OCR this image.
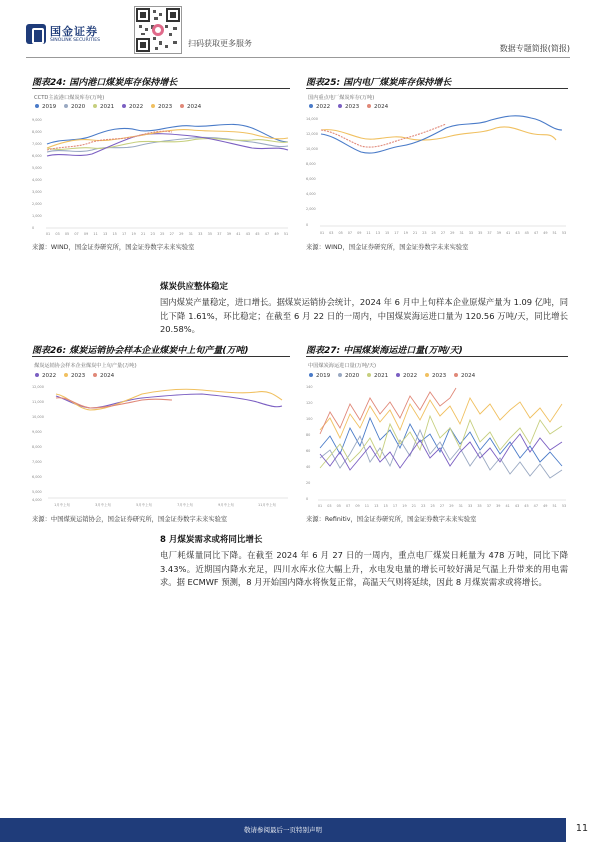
国金证券
SINOLINK SECURITIES	扫码获取更多服务
数据专题简报(简报)
图表24: 国内港口煤炭库存保持增长
CCTD主流港口煤炭库存(万吨)
2019	2020	2021	2022	2023	2024
9,000
8,000
7,000
6,000
5,000
4,000
3,000
2,000
1,000
0
01 03 05 07 09 11 13 15 17 19 21 23 25 27 29 31 33 35 37 39 41 43 45 47 49 51
来源：WIND，国金证券研究所，国金证券数字未来实验室
图表25: 国内电厂煤炭库存保持增长
国内重点电厂煤炭库存(万吨)
2022	2023	2024
14,000
12,000
10,000
8,000
6,000
4,000
2,000
0
01 03 05 07 09 11 13 15 17 19 21 23 25 27 29 31 33 35 37 39 41 43 45 47 49 51 53
来源：WIND，国金证券研究所，国金证券数字未来实验室
煤炭供应整体稳定
国内煤炭产量稳定，进口增长。据煤炭运销协会统计，2024 年 6 月中上旬样本企业原煤产量为 1.09 亿吨，同比下降 1.61%，环比稳定；在截至 6 月 22 日的一周内，中国煤炭海运进口量为 120.56 万吨/天，同比增长 20.58%。
图表26: 煤炭运销协会样本企业煤炭中上旬产量(万吨)
煤炭运销协会样本企业煤炭中上旬产量(万吨)
2022	2023	2024
12,000
11,000
10,000
9,000
8,000
7,000
6,000
5,000
4,000
1月中上旬	3月中上旬	5月中上旬	7月中上旬	9月中上旬	11月中上旬
来源：中国煤炭运销协会，国金证券研究所，国金证券数字未来实验室
图表27: 中国煤炭海运进口量(万吨/天)
中国煤炭海运进口量(万吨/天)
2019	2020	2021	2022	2023	2024
140
120
100
80
60
40
20
0
01 03 05 07 09 11 13 15 17 19 21 23 25 27 29 31 33 35 37 39 41 43 45 47 49 51 53
来源：Refinitiv，国金证券研究所，国金证券数字未来实验室
8 月煤炭需求或将同比增长
电厂耗煤量同比下降。在截至 2024 年 6 月 27 日的一周内，重点电厂煤炭日耗量为 478 万吨，同比下降 3.43%。近期国内降水充足，四川水库水位大幅上升，水电发电量的增长可较好满足气温上升带来的用电需求。据 ECMWF 预测，8 月开始国内降水将恢复正常，高温天气则将延续，因此 8 月煤炭需求或将增长。
敬请参阅最后一页特别声明	11
